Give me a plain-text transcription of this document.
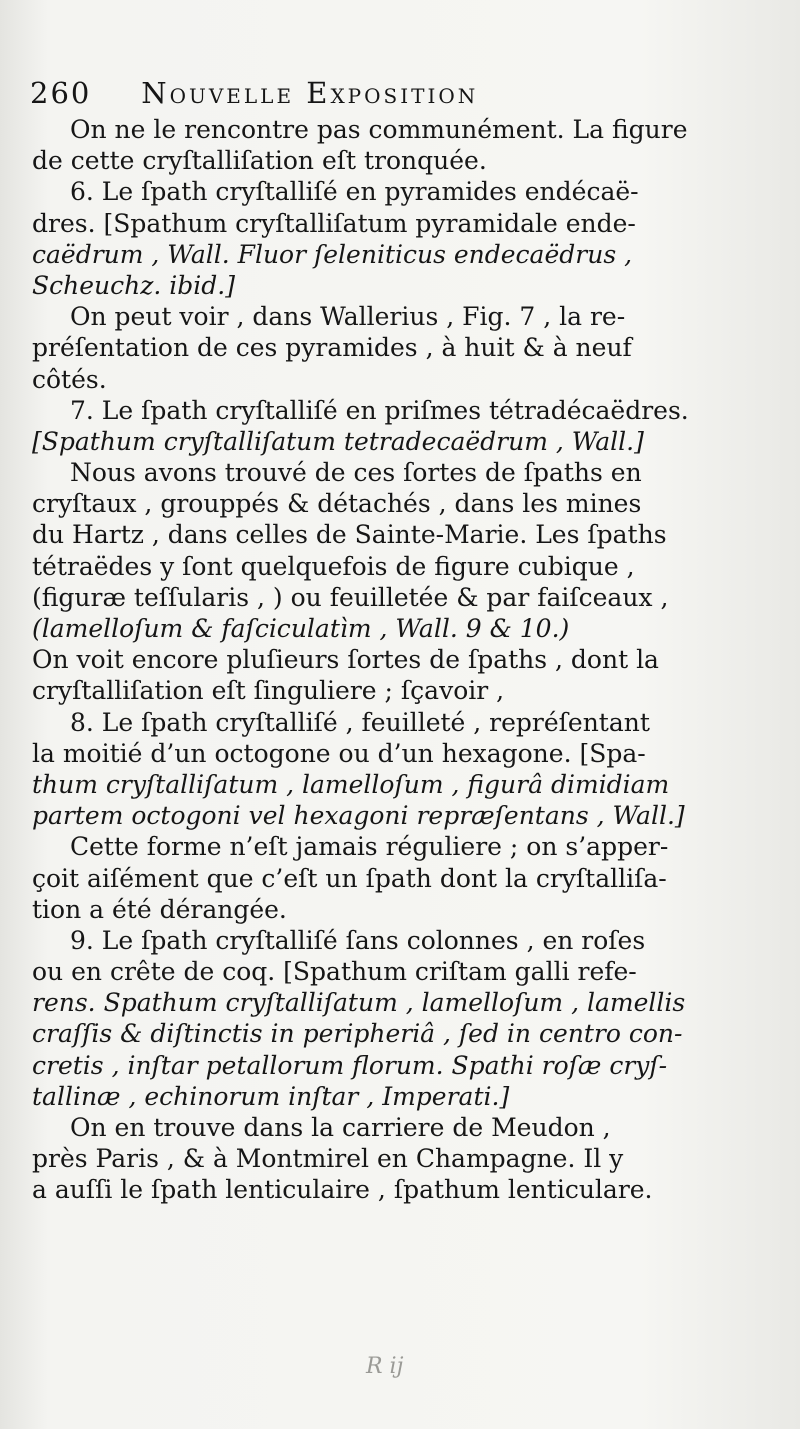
260 Nouvelle Exposition
On ne le rencontre pas communément. La figure
de cette cryſtalliſation eſt tronquée.
6. Le ſpath cryſtalliſé en pyramides endécaë-
dres. [Spathum cryſtalliſatum pyramidale ende-
caëdrum , Wall. Fluor ſeleniticus endecaëdrus ,
Scheuchz. ibid.]
On peut voir , dans Wallerius , Fig. 7 , la re-
préſentation de ces pyramides , à huit & à neuf
côtés.
7. Le ſpath cryſtalliſé en priſmes tétradécaëdres.
[Spathum cryſtalliſatum tetradecaëdrum , Wall.]
Nous avons trouvé de ces ſortes de ſpaths en
cryſtaux , grouppés & détachés , dans les mines
du Hartz , dans celles de Sainte-Marie. Les ſpaths
tétraëdes y ſont quelquefois de figure cubique ,
(figuræ teſſularis , ) ou feuilletée & par faiſceaux ,
(lamelloſum & faſciculatìm , Wall. 9 & 10.)
On voit encore pluſieurs ſortes de ſpaths , dont la
cryſtalliſation eſt ſinguliere ; ſçavoir ,
8. Le ſpath cryſtalliſé , feuilleté , repréſentant
la moitié d’un octogone ou d’un hexagone. [Spa-
thum cryſtalliſatum , lamelloſum , figurâ dimidiam
partem octogoni vel hexagoni repræſentans , Wall.]
Cette forme n’eſt jamais réguliere ; on s’apper-
çoit aiſément que c’eſt un ſpath dont la cryſtalliſa-
tion a été dérangée.
9. Le ſpath cryſtalliſé ſans colonnes , en roſes
ou en crête de coq. [Spathum criſtam galli refe-
rens. Spathum cryſtalliſatum , lamelloſum , lamellis
craſſis & diſtinctis in peripheriâ , ſed in centro con-
cretis , inſtar petallorum florum. Spathi roſæ cryſ-
tallinæ , echinorum inſtar , Imperati.]
On en trouve dans la carriere de Meudon ,
près Paris , & à Montmirel en Champagne. Il y
a auſſi le ſpath lenticulaire , ſpathum lenticulare.
R ij
